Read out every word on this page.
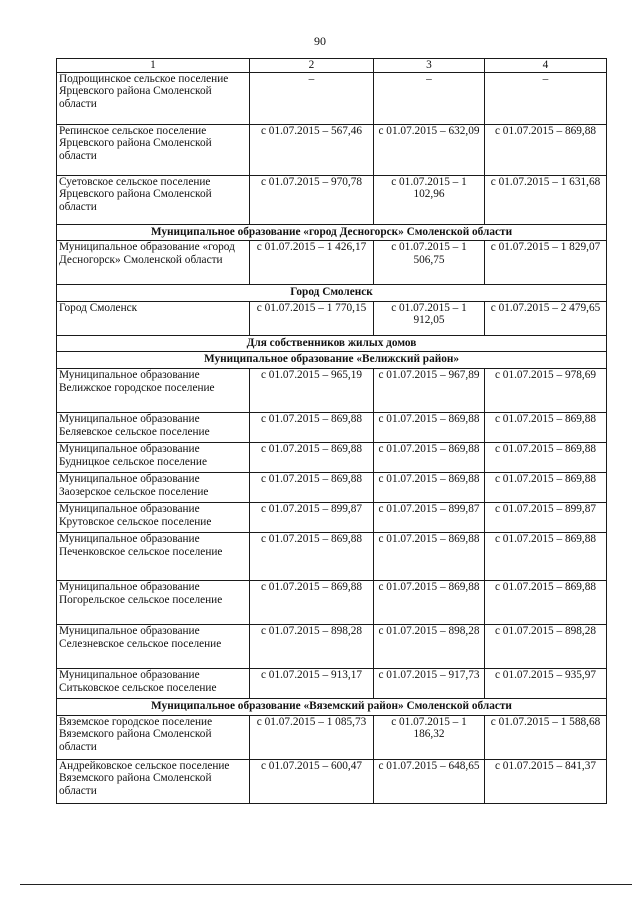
90
1	2	3	4
Подрощинское сельское поселение Ярцевского района Смоленской области	–	–	–
Репинское сельское поселение Ярцевского района Смоленской области	с 01.07.2015 – 567,46	с 01.07.2015 – 632,09	с 01.07.2015 – 869,88
Суетовское сельское поселение Ярцевского района Смоленской области	с 01.07.2015 – 970,78	с 01.07.2015 – 1 102,96	с 01.07.2015 – 1 631,68
Муниципальное образование «город Десногорск» Смоленской области			
Муниципальное образование «город Десногорск» Смоленской области	с 01.07.2015 – 1 426,17	с 01.07.2015 – 1 506,75	с 01.07.2015 – 1 829,07
Город Смоленск			
Город Смоленск	с 01.07.2015 – 1 770,15	с 01.07.2015 – 1 912,05	с 01.07.2015 – 2 479,65
Для собственников жилых домов			
Муниципальное образование «Велижский район»			
Муниципальное образование Велижское городское поселение	с 01.07.2015 – 965,19	с 01.07.2015 – 967,89	с 01.07.2015 – 978,69
Муниципальное образование Беляевское сельское поселение	с 01.07.2015 – 869,88	с 01.07.2015 – 869,88	с 01.07.2015 – 869,88
Муниципальное образование Будницкое сельское поселение	с 01.07.2015 – 869,88	с 01.07.2015 – 869,88	с 01.07.2015 – 869,88
Муниципальное образование Заозерское сельское поселение	с 01.07.2015 – 869,88	с 01.07.2015 – 869,88	с 01.07.2015 – 869,88
Муниципальное образование Крутовское сельское поселение	с 01.07.2015 – 899,87	с 01.07.2015 – 899,87	с 01.07.2015 – 899,87
Муниципальное образование Печенковское сельское поселение	с 01.07.2015 – 869,88	с 01.07.2015 – 869,88	с 01.07.2015 – 869,88
Муниципальное образование Погорельское сельское поселение	с 01.07.2015 – 869,88	с 01.07.2015 – 869,88	с 01.07.2015 – 869,88
Муниципальное образование Селезневское сельское поселение	с 01.07.2015 – 898,28	с 01.07.2015 – 898,28	с 01.07.2015 – 898,28
Муниципальное образование Ситьковское сельское поселение	с 01.07.2015 – 913,17	с 01.07.2015 – 917,73	с 01.07.2015 – 935,97
Муниципальное образование «Вяземский район» Смоленской области			
Вяземское городское поселение Вяземского района Смоленской области	с 01.07.2015 – 1 085,73	с 01.07.2015 – 1 186,32	с 01.07.2015 – 1 588,68
Андрейковское сельское поселение Вяземского района Смоленской области	с 01.07.2015 – 600,47	с 01.07.2015 – 648,65	с 01.07.2015 – 841,37
